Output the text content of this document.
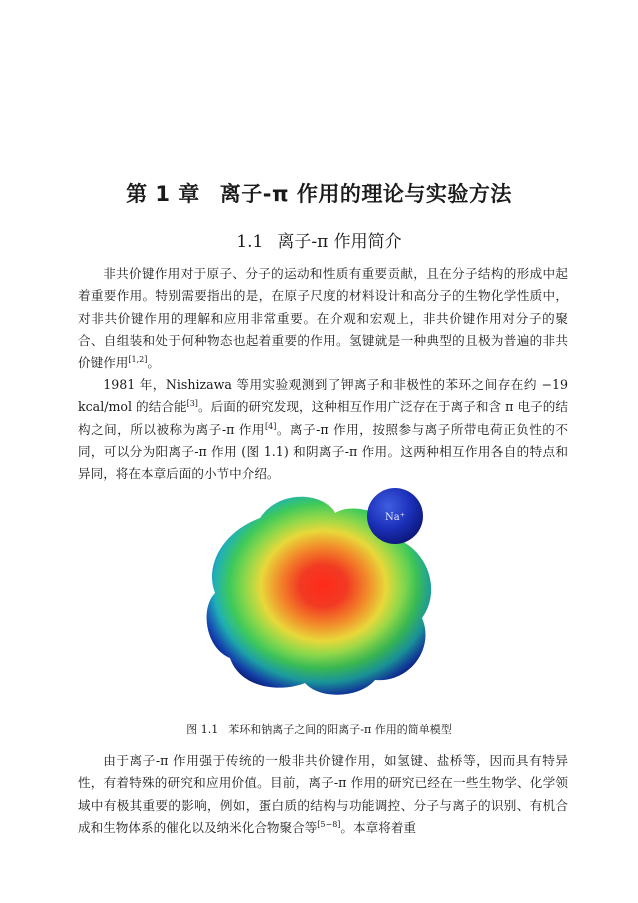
第 1 章 离子-π 作用的理论与实验方法
1.1 离子-π 作用简介

非共价键作用对于原子、分子的运动和性质有重要贡献，且在分子结构的形成中起着重要作用。特别需要指出的是，在原子尺度的材料设计和高分子的生物化学性质中，对非共价键作用的理解和应用非常重要。在介观和宏观上，非共价键作用对分子的聚合、自组装和处于何种物态也起着重要的作用。氢键就是一种典型的且极为普遍的非共价键作用[1,2]。

1981 年，Nishizawa 等用实验观测到了钾离子和非极性的苯环之间存在约 −19 kcal/mol 的结合能[3]。后面的研究发现，这种相互作用广泛存在于离子和含 π 电子的结构之间，所以被称为离子-π 作用[4]。离子-π 作用，按照参与离子所带电荷正负性的不同，可以分为阳离子-π 作用 (图 1.1) 和阴离子-π 作用。这两种相互作用各自的特点和异同，将在本章后面的小节中介绍。

Na⁺
图 1.1 苯环和钠离子之间的阳离子-π 作用的简单模型

由于离子-π 作用强于传统的一般非共价键作用，如氢键、盐桥等，因而具有特异性，有着特殊的研究和应用价值。目前，离子-π 作用的研究已经在一些生物学、化学领域中有极其重要的影响，例如，蛋白质的结构与功能调控、分子与离子的识别、有机合成和生物体系的催化以及纳米化合物聚合等[5−8]。本章将着重
